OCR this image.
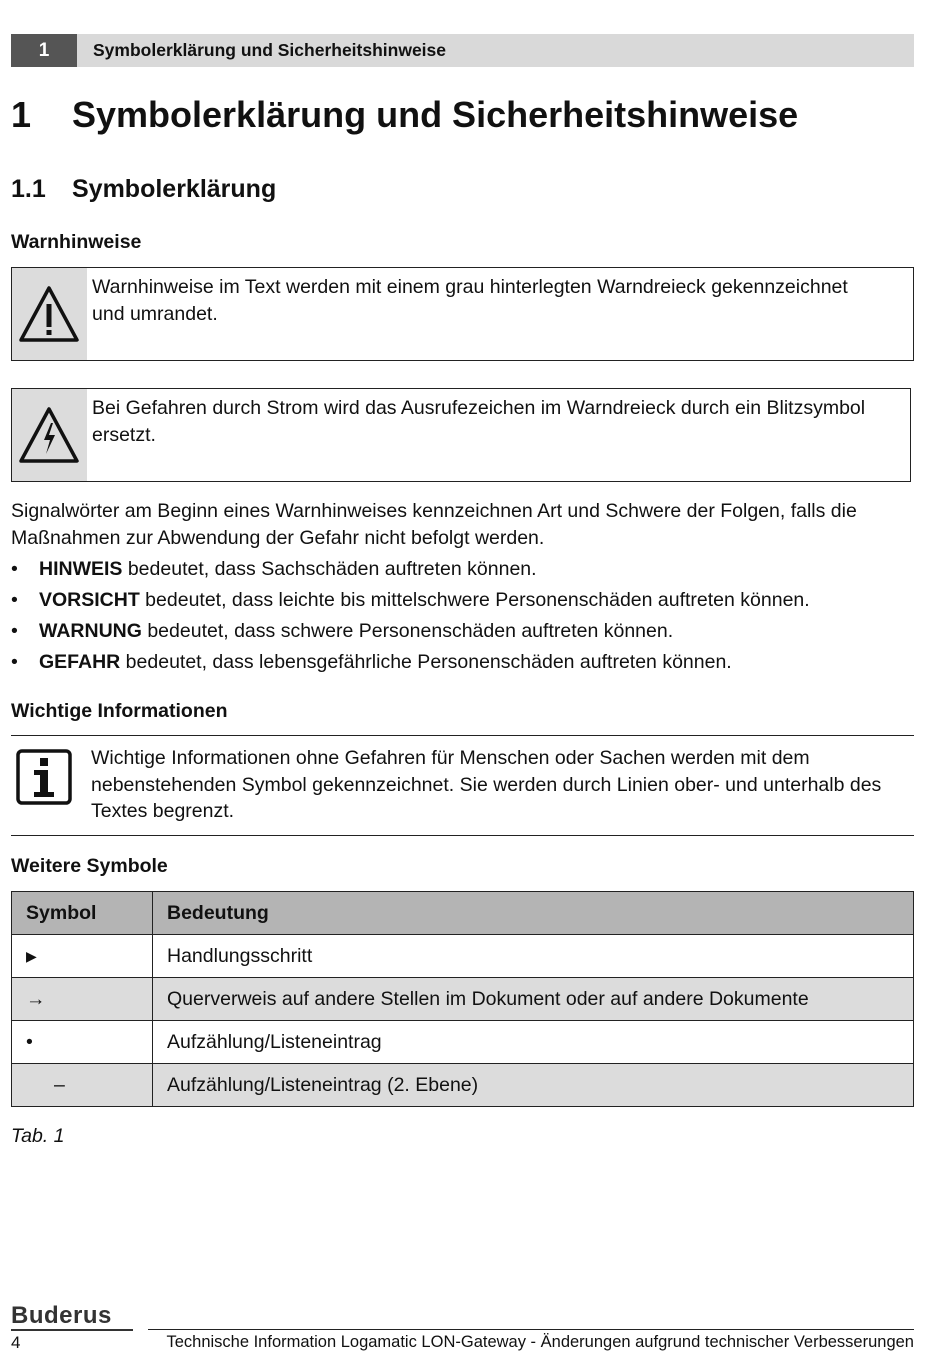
1	Symbolerklärung und Sicherheitshinweise
1 Symbolerklärung und Sicherheitshinweise
1.1 Symbolerklärung
Warnhinweise
Warnhinweise im Text werden mit einem grau hinterlegten Warndreieck gekennzeichnet und umrandet.
Bei Gefahren durch Strom wird das Ausrufezeichen im Warndreieck durch ein Blitzsymbol ersetzt.

Signalwörter am Beginn eines Warnhinweises kennzeichnen Art und Schwere der Folgen, falls die Maßnahmen zur Abwendung der Gefahr nicht befolgt werden.

• HINWEIS bedeutet, dass Sachschäden auftreten können.
• VORSICHT bedeutet, dass leichte bis mittelschwere Personenschäden auftreten können.
• WARNUNG bedeutet, dass schwere Personenschäden auftreten können.
• GEFAHR bedeutet, dass lebensgefährliche Personenschäden auftreten können.
Wichtige Informationen
Wichtige Informationen ohne Gefahren für Menschen oder Sachen werden mit dem nebenstehenden Symbol gekennzeichnet. Sie werden durch Linien ober- und unterhalb des Textes begrenzt.
Weitere Symbole
Symbol	Bedeutung
▶	Handlungsschritt
→	Querverweis auf andere Stellen im Dokument oder auf andere Dokumente
•	Aufzählung/Listeneintrag
–	Aufzählung/Listeneintrag (2. Ebene)
Tab. 1
Buderus
4	Technische Information Logamatic LON-Gateway - Änderungen aufgrund technischer Verbesserungen
